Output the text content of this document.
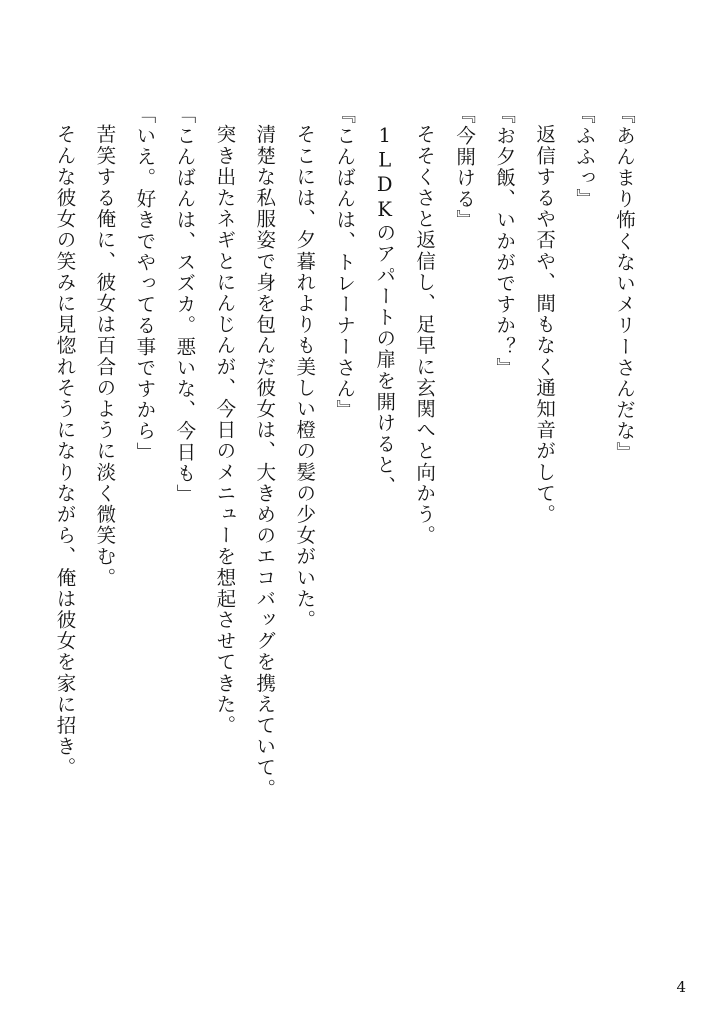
『あんまり怖くないメリーさんだな』

『ふふっ』

返信するや否や、間もなく通知音がして。

『お夕飯、いかがですか？』

『今開ける』

そそくさと返信し、足早に玄関へと向かう。

1LDKのアパートの扉を開けると、

『こんばんは、トレーナーさん』

そこには、夕暮れよりも美しい橙の髪の少女がいた。

清楚な私服姿で身を包んだ彼女は、大きめのエコバッグを携えていて。

突き出たネギとにんじんが、今日のメニューを想起させてきた。

「こんばんは、スズカ。悪いな、今日も」

「いえ。好きでやってる事ですから」

苦笑する俺に、彼女は百合のように淡く微笑む。

そんな彼女の笑みに見惚れそうになりながら、俺は彼女を家に招き。

4
